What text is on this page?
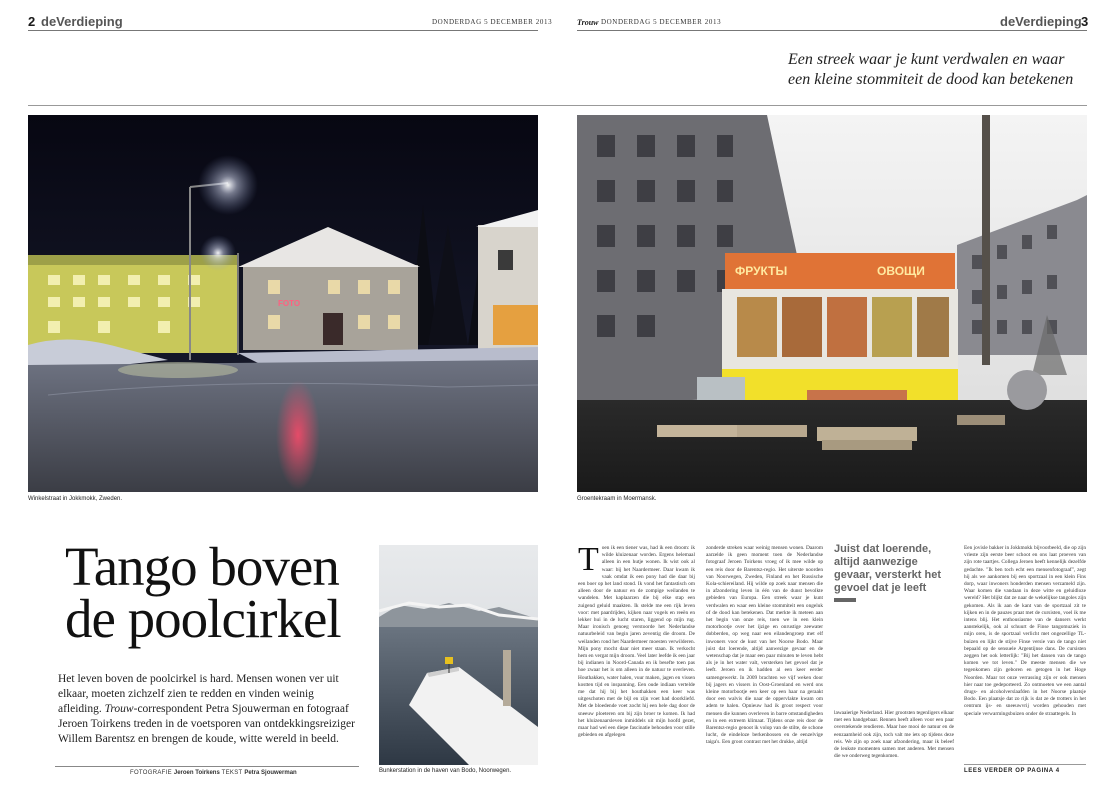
2 deVerdieping	DONDERDAG 5 DECEMBER 2013	Trouw DONDERDAG 5 DECEMBER 2013	deVerdieping 3
Een streek waar je kunt verdwalen en waar een kleine stommiteit de dood kan betekenen
FOTO
Winkelstraat in Jokkmokk, Zweden.
ФРУКТЫ	ОВОЩИ
Groentekraam in Moermansk.
Tango boven
de poolcirkel
Het leven boven de poolcirkel is hard. Mensen wonen ver uit elkaar, moeten zichzelf zien te redden en vinden weinig afleiding. Trouw-correspondent Petra Sjouwerman en fotograaf Jeroen Toirkens treden in de voetsporen van ontdekkingsreiziger Willem Barentsz en brengen de koude, witte wereld in beeld.
FOTOGRAFIE Jeroen Toirkens TEKST Petra Sjouwerman	Bunkerstation in de haven van Bodo, Noorwegen.
Toen ik een tiener was, had ik een droom: ik wilde kluizenaar worden. Ergens helemaal alleen in een hutje wonen. Ik wist ook al waar: bij het Naardermeer. Daar kwam ik vaak omdat ik een pony had die daar bij een boer op het land stond. Ik vond het fantastisch om alleen door de natuur en de zompige weilanden te wandelen. Met kaplaarzen die bij elke stap een zuigend geluid maakten. Ik stelde me een rijk leven voor: met paardrijden, kijken naar vogels en reeën en lekker hui in de lucht staren, liggend op mijn rug. Maar ironisch genoeg verstoorde het Nederlandse natuurbeleid van begin jaren zeventig die droom. De weilanden rond het Naardermeer moesten verwilderen. Mijn pony mocht daar niet meer staan. Ik verkocht hem en vergat mijn droom. Veel later leefde ik een jaar bij indianen in Noord-Canada en ik besefte toen pas hoe zwaar het is om alleen in de natuur te overleven. Houthakken, water halen, vuur maken, jagen en vissen kostten tijd en inspanning. Een oude indiaan vertelde me dat hij bij het houthakken een keer was uitgeschoten met de bijl en zijn voet had doorkliefd. Met de bloedende voet zocht hij een hele dag door de sneeuw ploeteren om bij zijn broer te komen. Ik had het kluizenaarsleven inmiddels uit mijn hoofd gezet, maar had wel een diepe fascinatie behouden voor stille gebieden en afgelegen
zonderde streken waar weinig mensen wonen. Daarom aarzelde ik geen moment toen de Nederlandse fotograaf Jeroen Toirkens vroeg of ik mee wilde op een reis door de Barentsz-regio. Het uiterste noorden van Noorwegen, Zweden, Finland en het Russische Kola-schiereiland. Hij wilde op zoek naar mensen die in afzondering leven in één van de dunst bevolkte gebieden van Europa. Een streek waar je kunt verdwalen en waar een kleine stommiteit een ongeluk of de dood kan betekenen. Dat merkte ik meteen aan het begin van onze reis, toen we in een klein motorbootje over het ijzige en onrustige zeewater dobberden, op weg naar een eilandengroep met elf inwoners voor de kust van het Noorse Bodo. Maar juist dat loerende, altijd aanwezige gevaar en de wetenschap dat je maar een paar minuten te leven hebt als je in het water valt, versterken het gevoel dat je leeft. Jeroen en ik hadden al een keer eerder samengewerkt. In 2009 brachten we vijf weken door bij jagers en vissers in Oost-Groenland en werd ons kleine motorbootje een keer op een haar na geraakt door een walvis die naar de oppervlakte kwam om adem te halen. Opnieuw had ik groot respect voor mensen die kunnen overleven in barre omstandigheden en in een extreem klimaat. Tijdens onze reis door de Barentsz-regio genoot ik volop van de stilte, de schone lucht, de eindeloze berkenbossen en de eenzelvige taiga's. Een groot contrast met het drukke, altijd
Juist dat loerende, altijd aanwezige gevaar, versterkt het gevoel dat je leeft
lawaaierige Nederland. Hier grootsten tegenligers elkaar met een handgebaar. Rennen heeft alleen voor een paar overstekende rendieren. Maar hoe mooi de natuur en de eenzaamheid ook zijn, toch valt me iets op tijdens deze reis. We zijn op zoek naar afzondering, maar ik beleef de leukste momenten samen met anderen. Met mensen die we onderweg tegenkomen.
Een jovisle bakker in Jokkmokk bijvoorbeeld, die op zijn vrieste zijn eerste beer schoot en ons laat proeven van zijn rote taartjes. Collega Jeroen heeft kennelijk dezelfde gedachte. "Ik ben toch echt een mensenfotograaf", zegt hij als we aankomen bij een sportzaal in een klein Fins dorp, waar inwoners honderden mensen verzameld zijn. Waar komen die vandaan in deze witte en geluidloze wereld? Het blijkt dat ze naar de wekelijkse tangoles zijn gekomen. Als ik aan de kant van de sportzaal zit te kijken en in de pauzes praat met de cursisten, voel ik me intens blij. Het enthousiasme van de dansers werkt aanstekelijk, ook al schuurt de Finse tangomuziek in mijn oren, is de sportzaal verlicht met ongezellige TL-buizen en lijkt de stijve Finse versie van de tango niet bepaald op de sensuele Argentijnse dans. De cursisten zeggen het ook letterlijk: "Bij het dansen van de tango komen we tot leven." De meeste mensen die we tegenkomen zijn geboren en getogen in het Hoge Noorden. Maar tot onze verrassing zijn er ook mensen hier naar toe gedeporteerd. Zo ontmoeten we een aantal drugs- en alcoholverslaafden in het Noorse plaatsje Bodo. Een plaatsje dat zo rijk is dat ze de trotters in het centrum ijs- en sneeuwvrij worden gehouden met speciale verwarmingsbuizen onder de straattegels. In
LEES VERDER OP PAGINA 4
